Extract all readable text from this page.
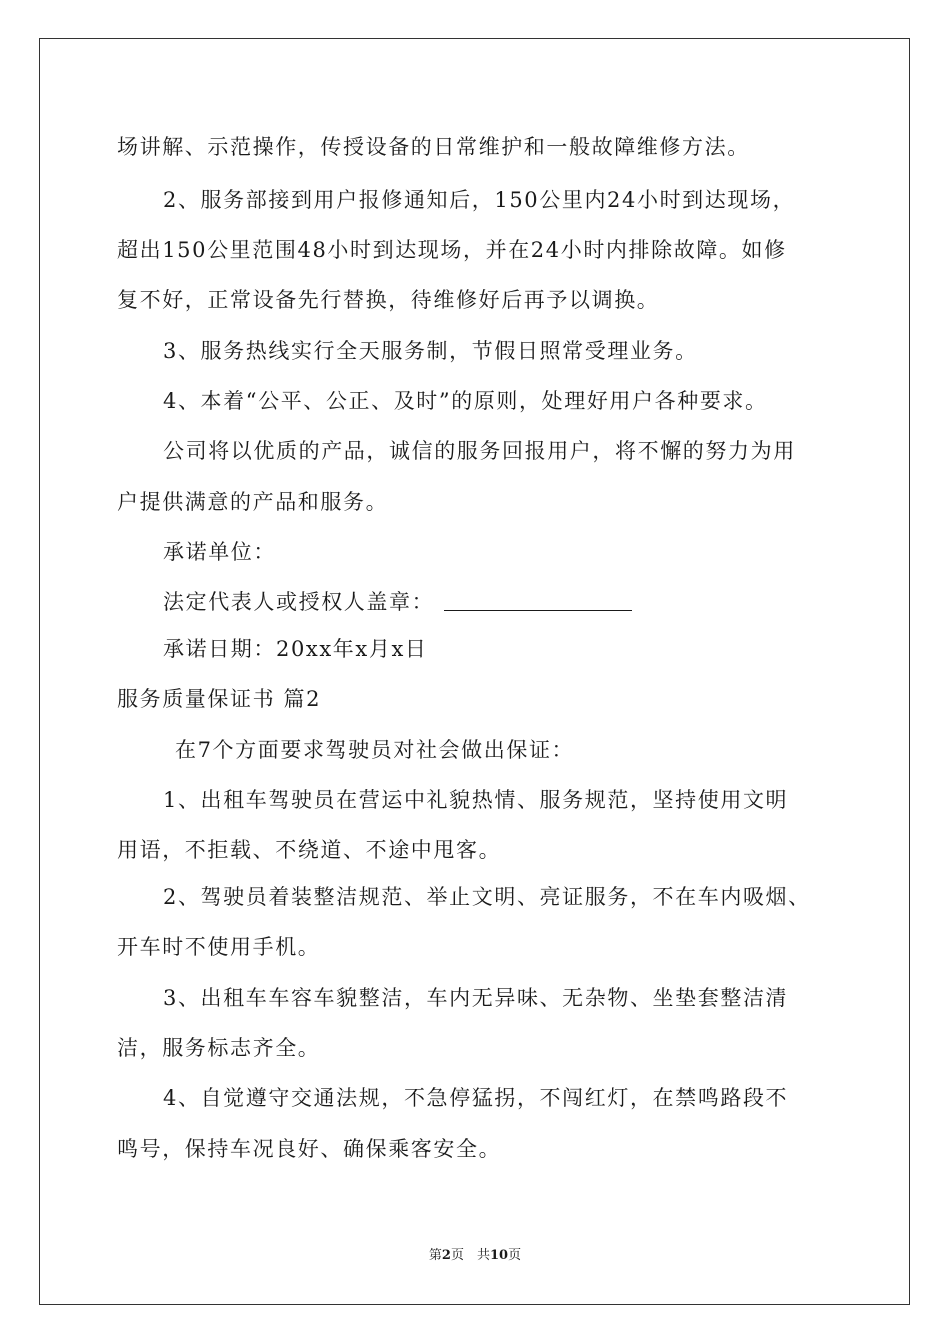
场讲解、示范操作，传授设备的日常维护和一般故障维修方法。
2、服务部接到用户报修通知后，150公里内24小时到达现场，
超出150公里范围48小时到达现场，并在24小时内排除故障。如修
复不好，正常设备先行替换，待维修好后再予以调换。
3、服务热线实行全天服务制，节假日照常受理业务。
4、本着“公平、公正、及时”的原则，处理好用户各种要求。
公司将以优质的产品，诚信的服务回报用户，将不懈的努力为用
户提供满意的产品和服务。
承诺单位：
法定代表人或授权人盖章：
承诺日期：20xx年x月x日
服务质量保证书 篇2
在7个方面要求驾驶员对社会做出保证：
1、出租车驾驶员在营运中礼貌热情、服务规范，坚持使用文明
用语，不拒载、不绕道、不途中甩客。
2、驾驶员着装整洁规范、举止文明、亮证服务，不在车内吸烟、
开车时不使用手机。
3、出租车车容车貌整洁，车内无异味、无杂物、坐垫套整洁清
洁，服务标志齐全。
4、自觉遵守交通法规，不急停猛拐，不闯红灯，在禁鸣路段不
鸣号，保持车况良好、确保乘客安全。
第2页　共10页
